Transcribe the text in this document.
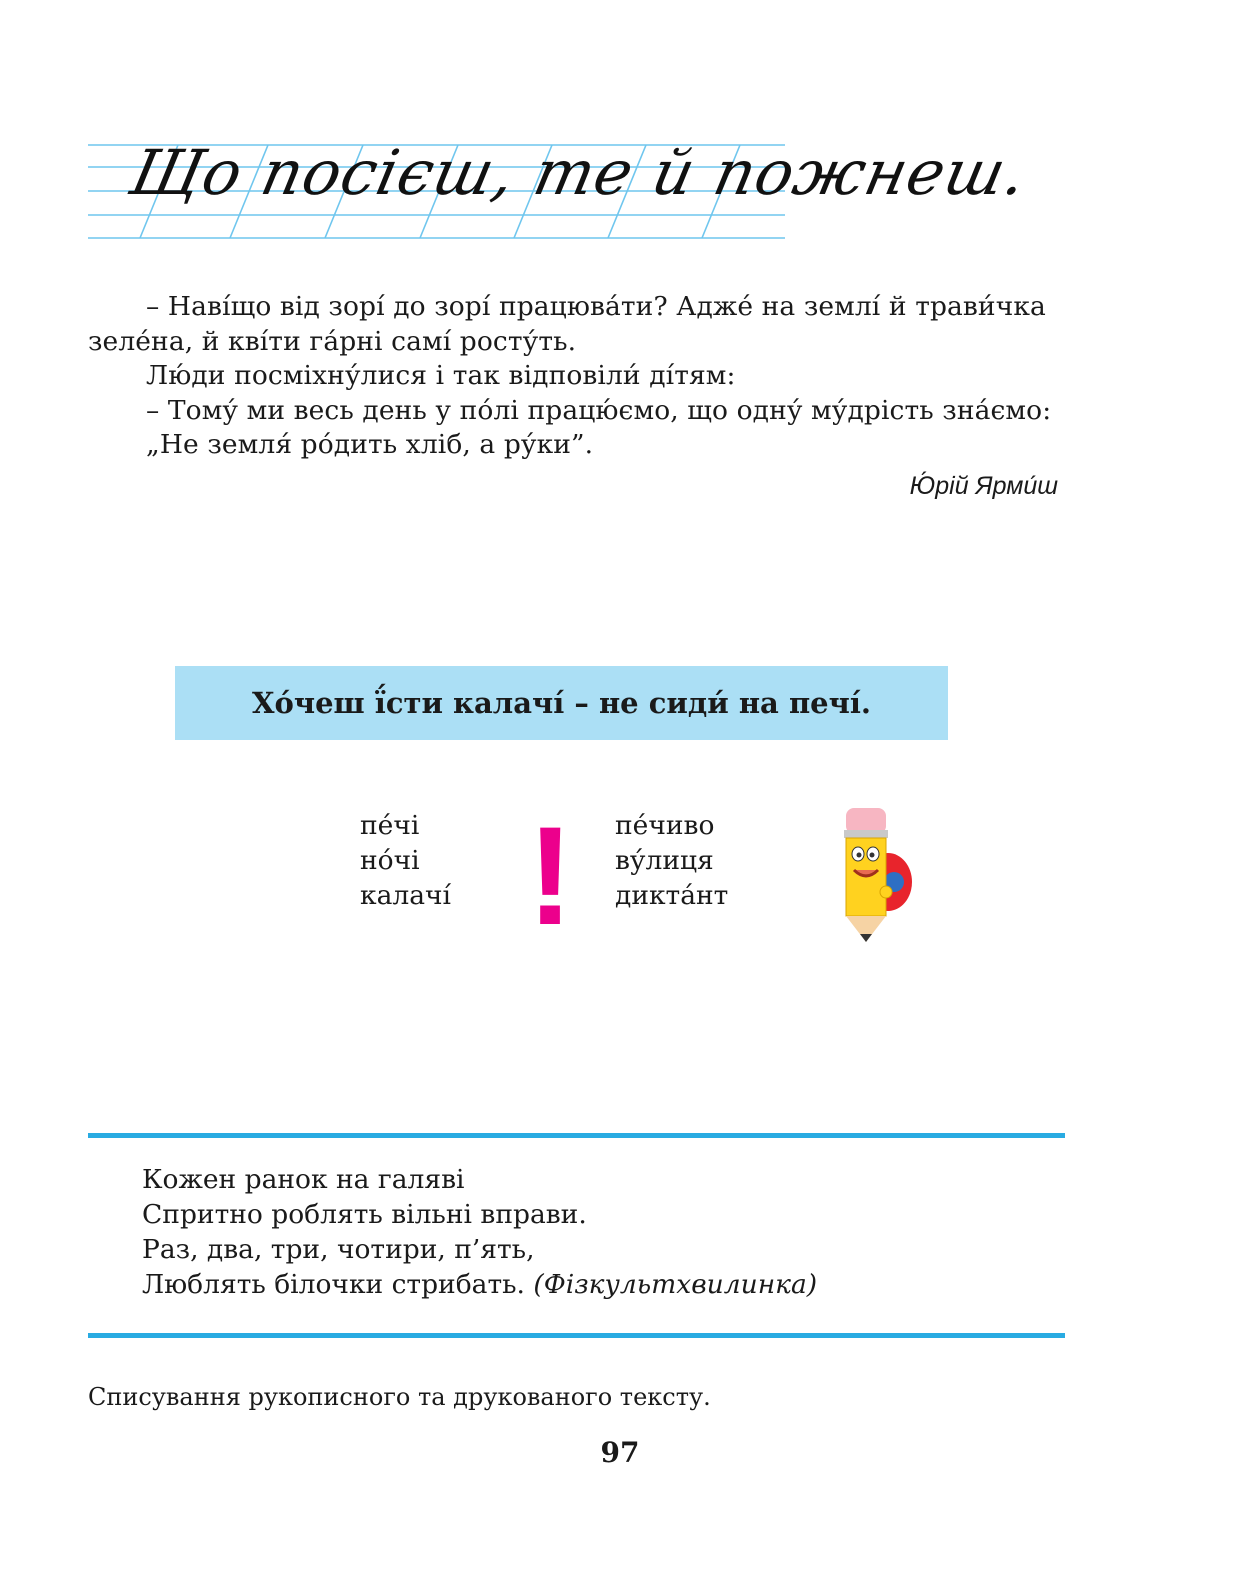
Що посієш, те й пожнеш.

– Наві́що від зорі́ до зорі́ працюва́ти? Адже́ на землі́ й трави́чка

зеле́на, й кві́ти га́рні самі́ росту́ть.

Лю́ди посміхну́лися і так відповіли́ ді́тям:

– Тому́ ми весь день у по́лі працю́ємо, що одну́ му́дрість зна́ємо:

„Не земля́ ро́дить хліб, а ру́ки”.

Ю́рій Ярми́ш
Хо́чеш ї́сти калачі́ – не сиди́ на печі́.
пе́чі
но́чі
калачі́ ! пе́чиво
ву́лиця
дикта́нт

Кожен ранок на галяві

Спритно роблять вільні вправи.

Раз, два, три, чотири, п’ять,

Люблять білочки стрибать. (Фізкультхвилинка)

Списування рукописного та друкованого тексту.
97
